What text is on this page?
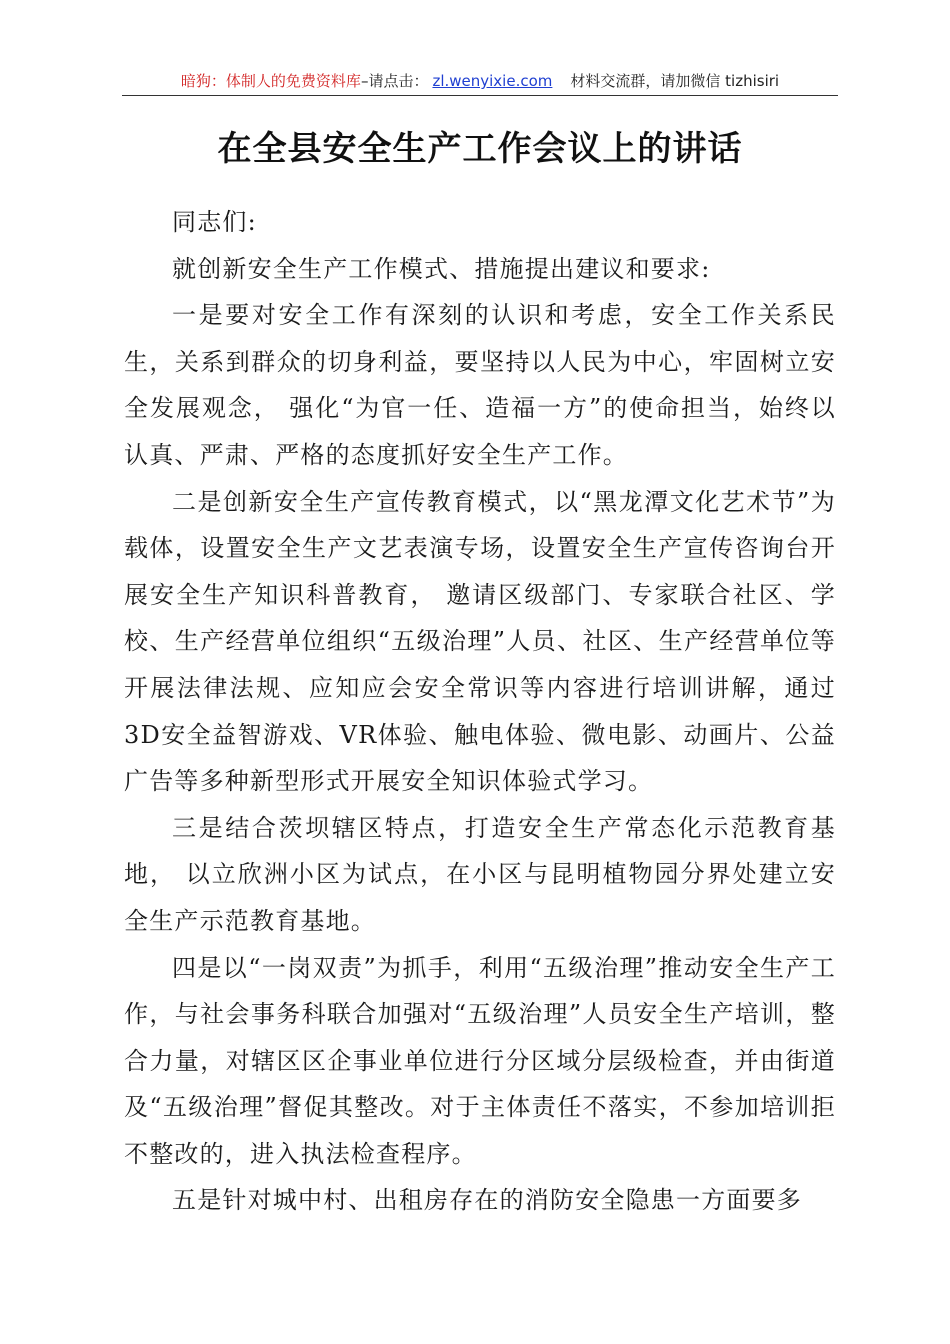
暗狗：体制人的免费资料库–请点击： zl.wenyixie.com 材料交流群，请加微信 tizhisiri
在全县安全生产工作会议上的讲话

同志们:

就创新安全生产工作模式、措施提出建议和要求:

一是要对安全工作有深刻的认识和考虑，安全工作关系民生，关系到群众的切身利益，要坚持以人民为中心，牢固树立安全发展观念， 强化“为官一任、造福一方”的使命担当，始终以认真、严肃、严格的态度抓好安全生产工作。

二是创新安全生产宣传教育模式，以“黑龙潭文化艺术节”为载体，设置安全生产文艺表演专场，设置安全生产宣传咨询台开展安全生产知识科普教育， 邀请区级部门、专家联合社区、学校、生产经营单位组织“五级治理”人员、社区、生产经营单位等开展法律法规、应知应会安全常识等内容进行培训讲解，通过3D安全益智游戏、VR体验、触电体验、微电影、动画片、公益广告等多种新型形式开展安全知识体验式学习。

三是结合茨坝辖区特点，打造安全生产常态化示范教育基地， 以立欣洲小区为试点，在小区与昆明植物园分界处建立安全生产示范教育基地。

四是以“一岗双责”为抓手，利用“五级治理”推动安全生产工作，与社会事务科联合加强对“五级治理”人员安全生产培训，整合力量，对辖区区企事业单位进行分区域分层级检查，并由街道及“五级治理”督促其整改。对于主体责任不落实，不参加培训拒不整改的，进入执法检查程序。

五是针对城中村、出租房存在的消防安全隐患一方面要多
